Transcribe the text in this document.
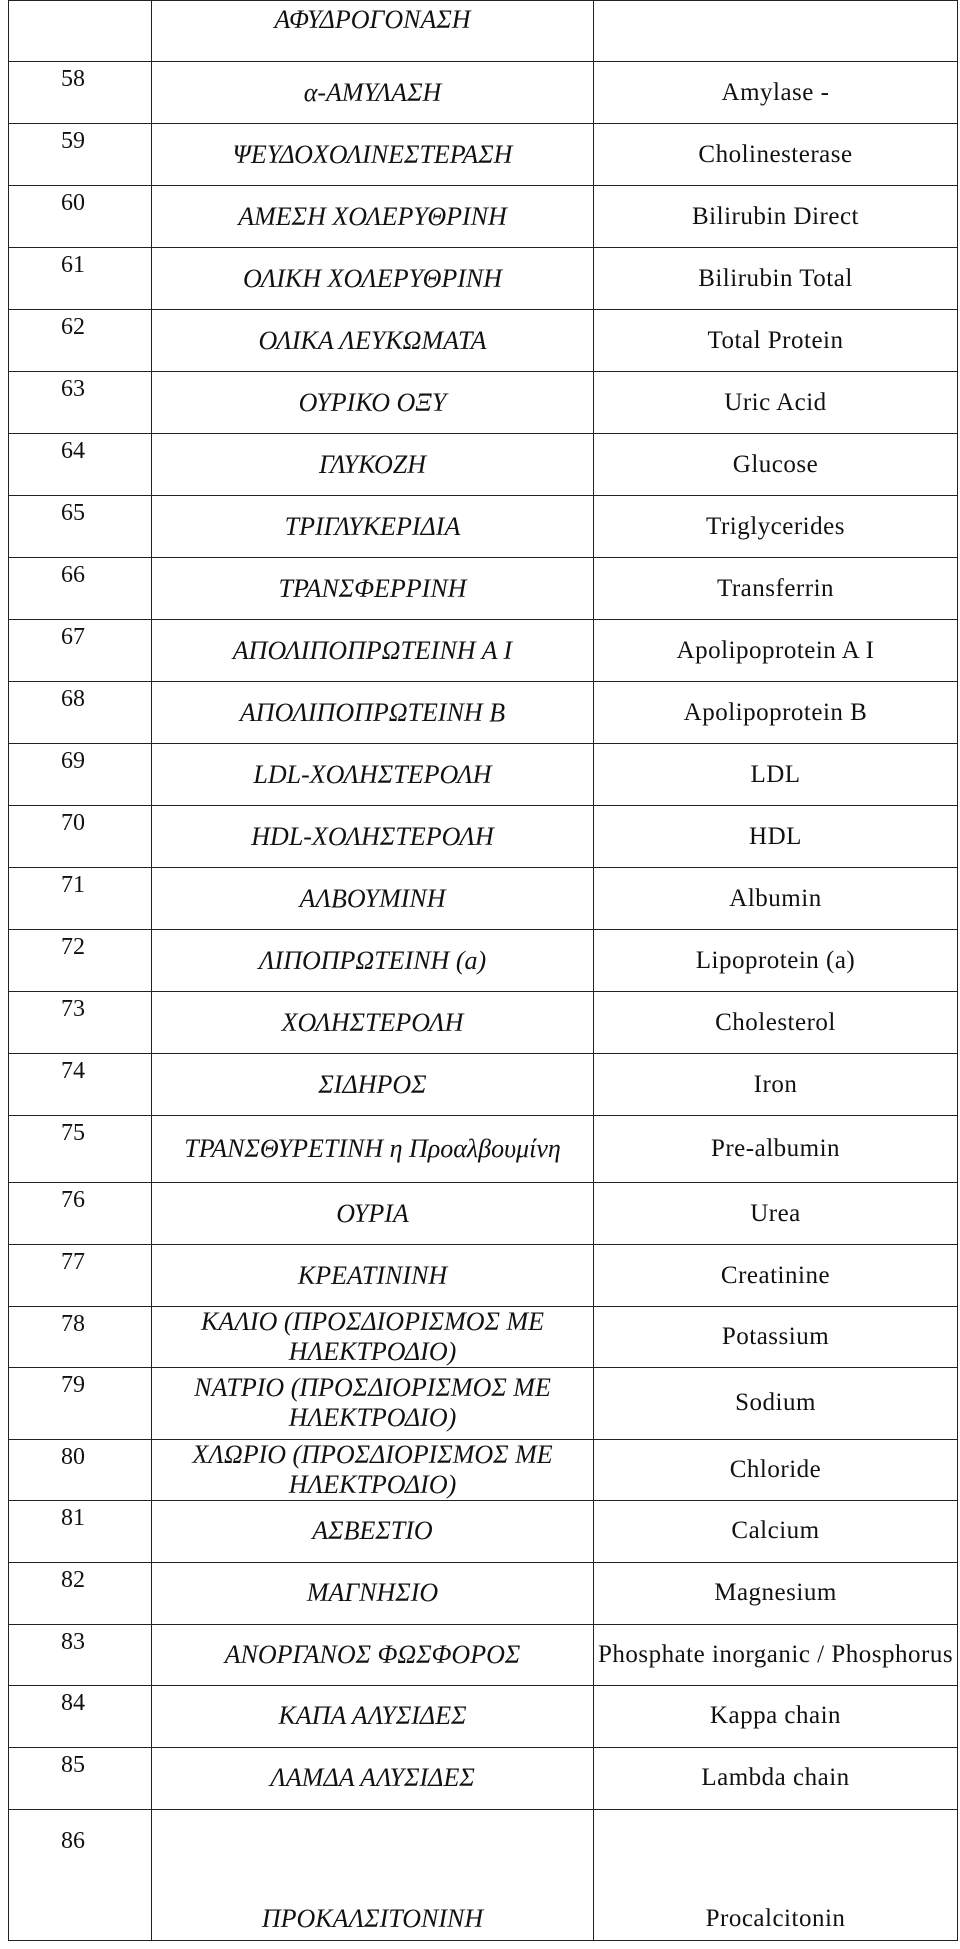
	ΑΦΥΔΡΟΓΟΝΑΣΗ	
58	α-ΑΜΥΛΑΣΗ	Amylase -
59	ΨΕΥΔΟΧΟΛΙΝΕΣΤΕΡΑΣΗ	Cholinesterase
60	ΑΜΕΣΗ ΧΟΛΕΡΥΘΡΙΝΗ	Bilirubin Direct
61	ΟΛΙΚΗ ΧΟΛΕΡΥΘΡΙΝΗ	Bilirubin Total
62	ΟΛΙΚΑ ΛΕΥΚΩΜΑΤΑ	Total Protein
63	ΟΥΡΙΚΟ ΟΞΥ	Uric Acid
64	ΓΛΥΚΟΖΗ	Glucose
65	ΤΡΙΓΛΥΚΕΡΙΔΙΑ	Triglycerides
66	ΤΡΑΝΣΦΕΡΡΙΝΗ	Transferrin
67	ΑΠΟΛΙΠΟΠΡΩΤΕΙΝΗ Α Ι	Apolipoprotein A I
68	ΑΠΟΛΙΠΟΠΡΩΤΕΙΝΗ Β	Apolipoprotein B
69	LDL-ΧΟΛΗΣΤΕΡΟΛΗ	LDL
70	HDL-ΧΟΛΗΣΤΕΡΟΛΗ	HDL
71	ΑΛΒΟΥΜΙΝΗ	Albumin
72	ΛΙΠΟΠΡΩΤΕΙΝΗ (a)	Lipoprotein (a)
73	ΧΟΛΗΣΤΕΡΟΛΗ	Cholesterol
74	ΣΙΔΗΡΟΣ	Iron
75	ΤΡΑΝΣΘΥΡΕΤΙΝΗ η Προαλβουμίνη	Pre-albumin
76	ΟΥΡΙΑ	Urea
77	ΚΡΕΑΤΙΝΙΝΗ	Creatinine
78	ΚΑΛΙΟ (ΠΡΟΣΔΙΟΡΙΣΜΟΣ ΜΕ ΗΛΕΚΤΡΟΔΙΟ)	Potassium
79	ΝΑΤΡΙΟ (ΠΡΟΣΔΙΟΡΙΣΜΟΣ ΜΕ ΗΛΕΚΤΡΟΔΙΟ)	Sodium
80	ΧΛΩΡΙΟ (ΠΡΟΣΔΙΟΡΙΣΜΟΣ ΜΕ ΗΛΕΚΤΡΟΔΙΟ)	Chloride
81	ΑΣΒΕΣΤΙΟ	Calcium
82	ΜΑΓΝΗΣΙΟ	Magnesium
83	ΑΝΟΡΓΑΝΟΣ ΦΩΣΦΟΡΟΣ	Phosphate inorganic / Phosphorus
84	ΚΑΠΑ ΑΛΥΣΙΔΕΣ	Kappa chain
85	ΛΑΜΔΑ ΑΛΥΣΙΔΕΣ	Lambda chain
86	ΠΡΟΚΑΛΣΙΤΟΝΙΝΗ	Procalcitonin
